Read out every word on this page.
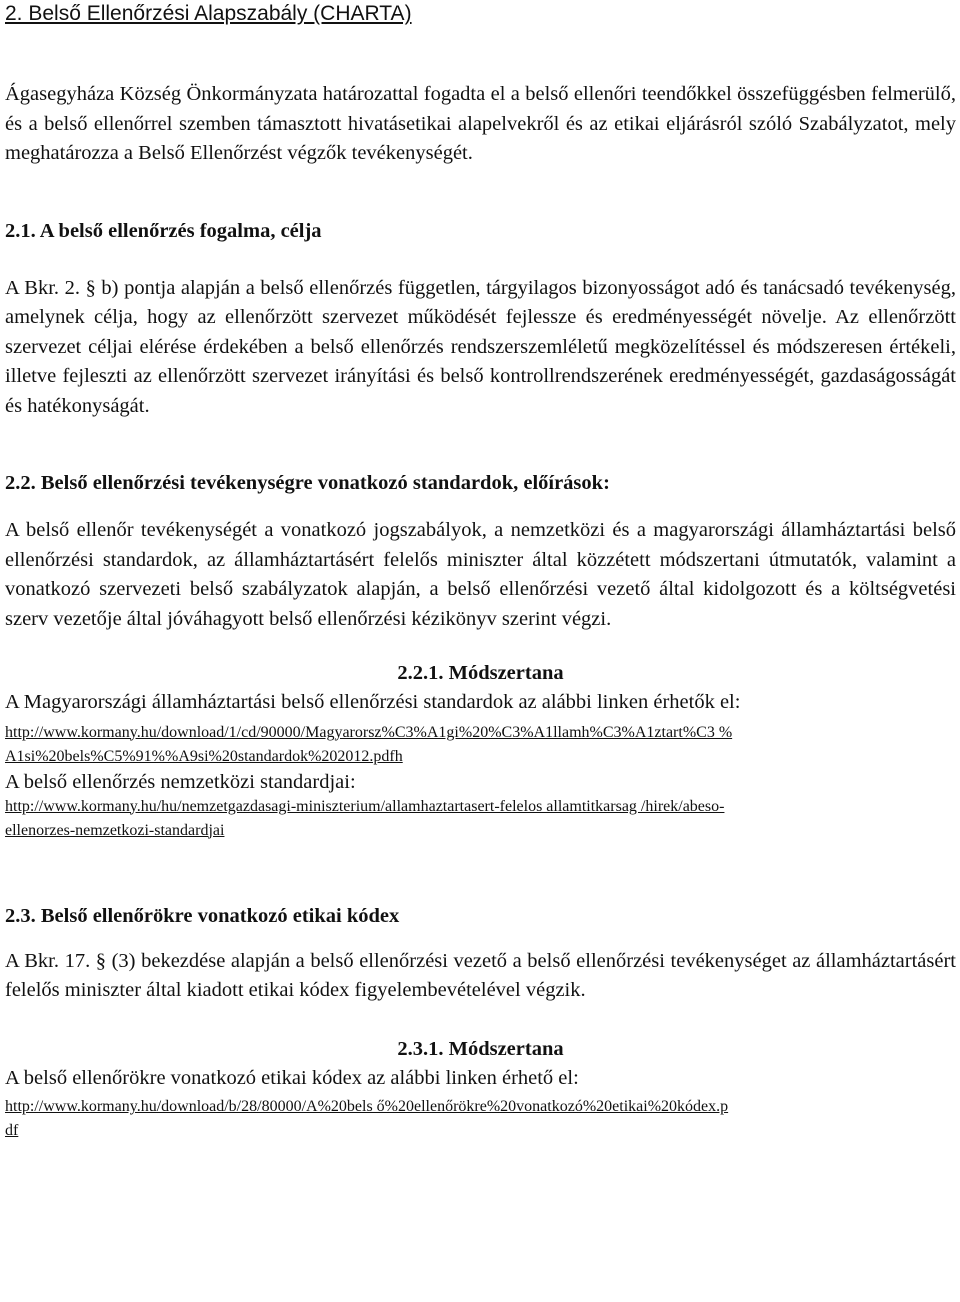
2. Belső Ellenőrzési Alapszabály (CHARTA)

Ágasegyháza Község Önkormányzata határozattal fogadta el a belső ellenőri teendőkkel összefüggésben felmerülő, és a belső ellenőrrel szemben támasztott hivatásetikai alapelvekről és az etikai eljárásról szóló Szabályzatot, mely meghatározza a Belső Ellenőrzést végzők tevékenységét.

2.1. A belső ellenőrzés fogalma, célja

A Bkr. 2. § b) pontja alapján a belső ellenőrzés független, tárgyilagos bizonyosságot adó és tanácsadó tevékenység, amelynek célja, hogy az ellenőrzött szervezet működését fejlessze és eredményességét növelje. Az ellenőrzött szervezet céljai elérése érdekében a belső ellenőrzés rendszerszemléletű megközelítéssel és módszeresen értékeli, illetve fejleszti az ellenőrzött szervezet irányítási és belső kontrollrendszerének eredményességét, gazdaságosságát és hatékonyságát.

2.2. Belső ellenőrzési tevékenységre vonatkozó standardok, előírások:

A belső ellenőr tevékenységét a vonatkozó jogszabályok, a nemzetközi és a magyarországi államháztartási belső ellenőrzési standardok, az államháztartásért felelős miniszter által közzétett módszertani útmutatók, valamint a vonatkozó szervezeti belső szabályzatok alapján, a belső ellenőrzési vezető által kidolgozott és a költségvetési szerv vezetője által jóváhagyott belső ellenőrzési kézikönyv szerint végzi.

2.2.1. Módszertana

A Magyarországi államháztartási belső ellenőrzési standardok az alábbi linken érhetők el:

http://www.kormany.hu/download/1/cd/90000/Magyarorsz%C3%A1gi%20%C3%A1llamh%C3%A1ztart%C3 %
A1si%20bels%C5%91%%A9si%20standardok%202012.pdfh

A belső ellenőrzés nemzetközi standardjai:

http://www.kormany.hu/hu/nemzetgazdasagi-miniszterium/allamhaztartasert-felelos allamtitkarsag /hirek/abeso-
ellenorzes-nemzetkozi-standardjai
2.3. Belső ellenőrökre vonatkozó etikai kódex

A Bkr. 17. § (3) bekezdése alapján a belső ellenőrzési vezető a belső ellenőrzési tevékenységet az államháztartásért felelős miniszter által kiadott etikai kódex figyelembevételével végzik.

2.3.1. Módszertana

A belső ellenőrökre vonatkozó etikai kódex az alábbi linken érhető el:

http://www.kormany.hu/download/b/28/80000/A%20bels ő%20ellenőrökre%20vonatkozó%20etikai%20kódex.p
df
